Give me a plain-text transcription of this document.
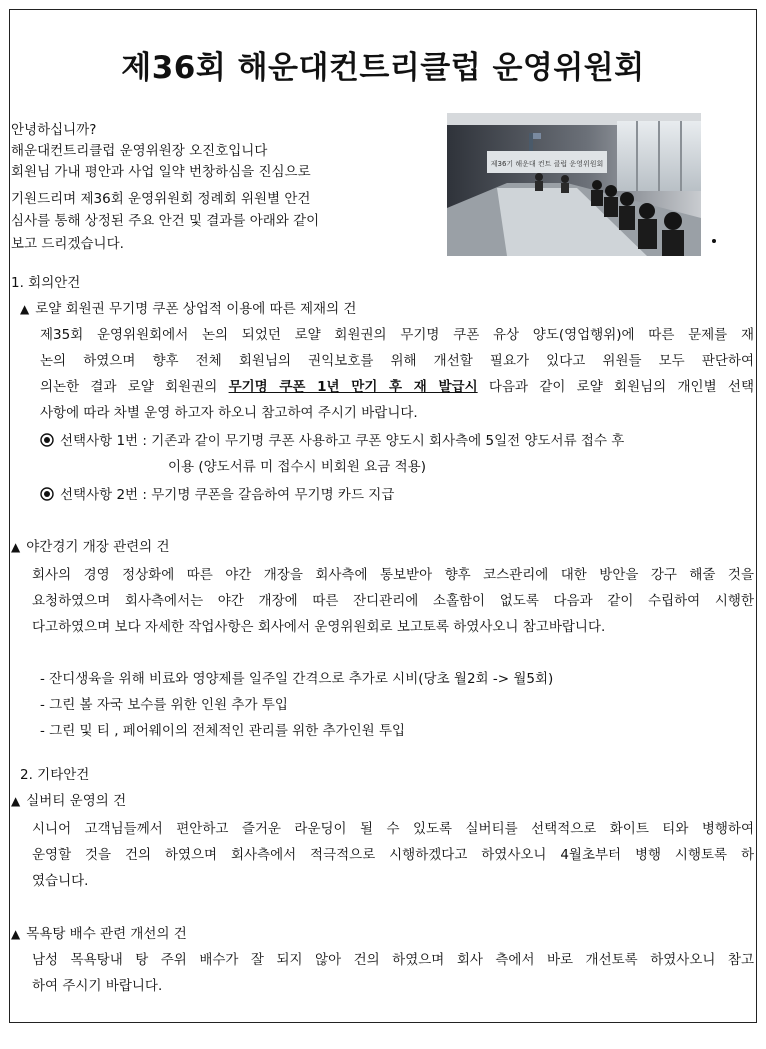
제36회 해운대컨트리클럽 운영위원회
안녕하십니까?
해운대컨트리클럽 운영위원장 오진호입니다
회원님 가내 평안과 사업 일약 번창하심을 진심으로
기원드리며 제36회 운영위원회 정례회 위원별 안건
심사를 통해 상정된 주요 안건 및 결과를 아래와 같이
보고 드리겠습니다.
제36기 해운대 컨트 클럽 운영위원회
1. 회의안건
▲ 로얄 회원권 무기명 쿠폰 상업적 이용에 따른 제재의 건
제35회 운영위원회에서 논의 되었던 로얄 회원권의 무기명 쿠폰 유상 양도(영업행위)에 따른 문제를 재
논의 하였으며 향후 전체 회원님의 권익보호를 위해 개선할 필요가 있다고 위원들 모두 판단하여
의논한 결과 로얄 회원권의 무기명 쿠폰 1년 만기 후 재 발급시 다음과 같이 로얄 회원님의 개인별 선택
사항에 따라 차별 운영 하고자 하오니 참고하여 주시기 바랍니다.
선택사항 1번 : 기존과 같이 무기명 쿠폰 사용하고 쿠폰 양도시 회사측에 5일전 양도서류 접수 후
이용 (양도서류 미 접수시 비회원 요금 적용)
선택사항 2번 : 무기명 쿠폰을 갈음하여 무기명 카드 지급
▲ 야간경기 개장 관련의 건
회사의 경영 정상화에 따른 야간 개장을 회사측에 통보받아 향후 코스관리에 대한 방안을 강구 해줄 것을
요청하였으며 회사측에서는 야간 개장에 따른 잔디관리에 소홀함이 없도록 다음과 같이 수립하여 시행한
다고하였으며 보다 자세한 작업사항은 회사에서 운영위원회로 보고토록 하였사오니 참고바랍니다.
- 잔디생육을 위해 비료와 영양제를 일주일 간격으로 추가로 시비(당초 월2회 -> 월5회)
- 그린 볼 자국 보수를 위한 인원 추가 투입
- 그린 및 티 , 페어웨이의 전체적인 관리를 위한 추가인원 투입
2. 기타안건
▲ 실버티 운영의 건
시니어 고객님들께서 편안하고 즐거운 라운딩이 될 수 있도록 실버티를 선택적으로 화이트 티와 병행하여
운영할 것을 건의 하였으며 회사측에서 적극적으로 시행하겠다고 하였사오니 4월초부터 병행 시행토록 하
였습니다.
▲ 목욕탕 배수 관련 개선의 건
남성 목욕탕내 탕 주위 배수가 잘 되지 않아 건의 하였으며 회사 측에서 바로 개선토록 하였사오니 참고
하여 주시기 바랍니다.
